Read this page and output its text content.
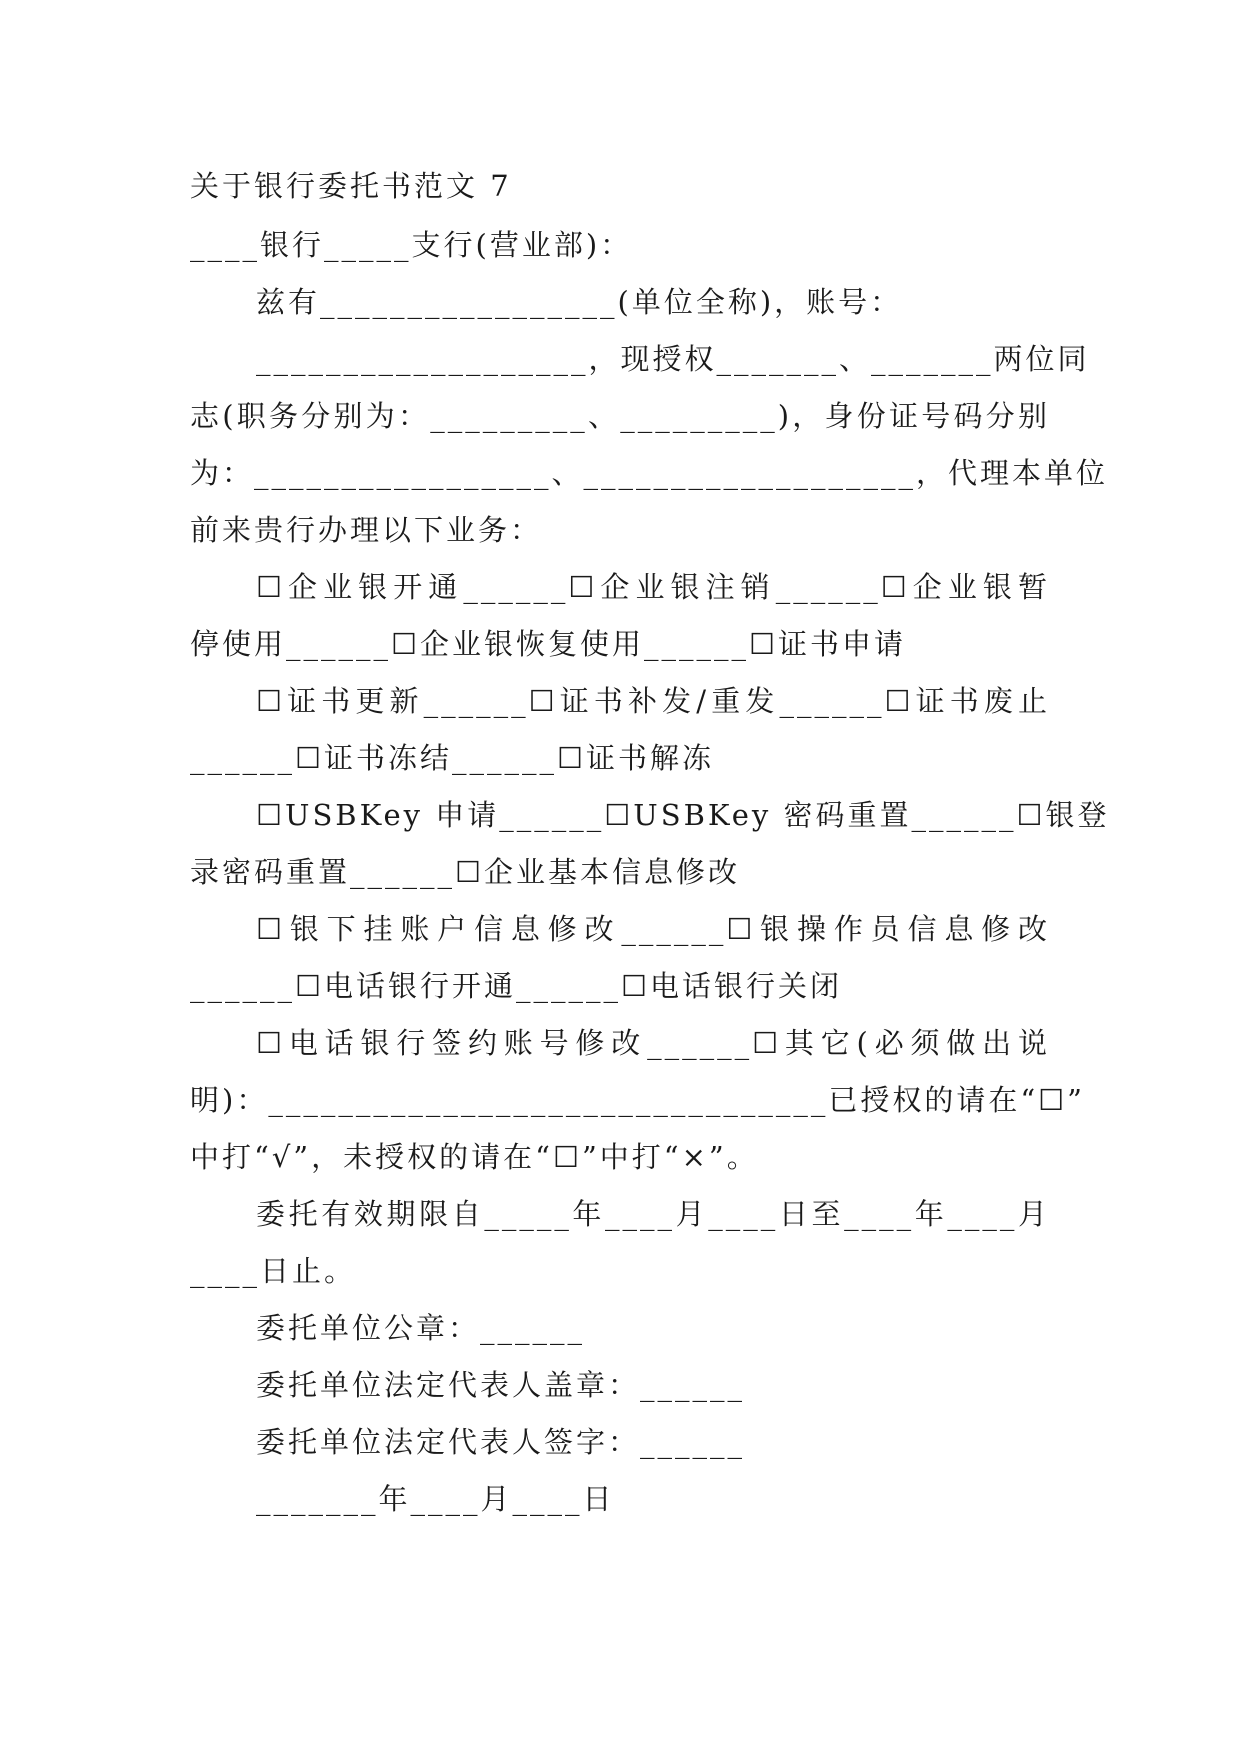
关于银行委托书范文 7
____银行_____支行(营业部)：
兹有_________________(单位全称)，账号：
___________________，现授权_______、_______两位同
志(职务分别为：_________、_________)，身份证号码分别
为：_________________、___________________，代理本单位
前来贵行办理以下业务：
☐企业银开通______☐企业银注销______☐企业银暂
停使用______☐企业银恢复使用______☐证书申请
☐证书更新______☐证书补发/重发______☐证书废止
______☐证书冻结______☐证书解冻
☐USBKey 申请______☐USBKey 密码重置______☐银登
录密码重置______☐企业基本信息修改
☐银下挂账户信息修改______☐银操作员信息修改
______☐电话银行开通______☐电话银行关闭
☐电话银行签约账号修改______☐其它(必须做出说
明)：________________________________已授权的请在“☐”
中打“√”，未授权的请在“☐”中打“×”。
委托有效期限自_____年____月____日至____年____月
____日止。
委托单位公章：______
委托单位法定代表人盖章：______
委托单位法定代表人签字：______
_______年____月____日
